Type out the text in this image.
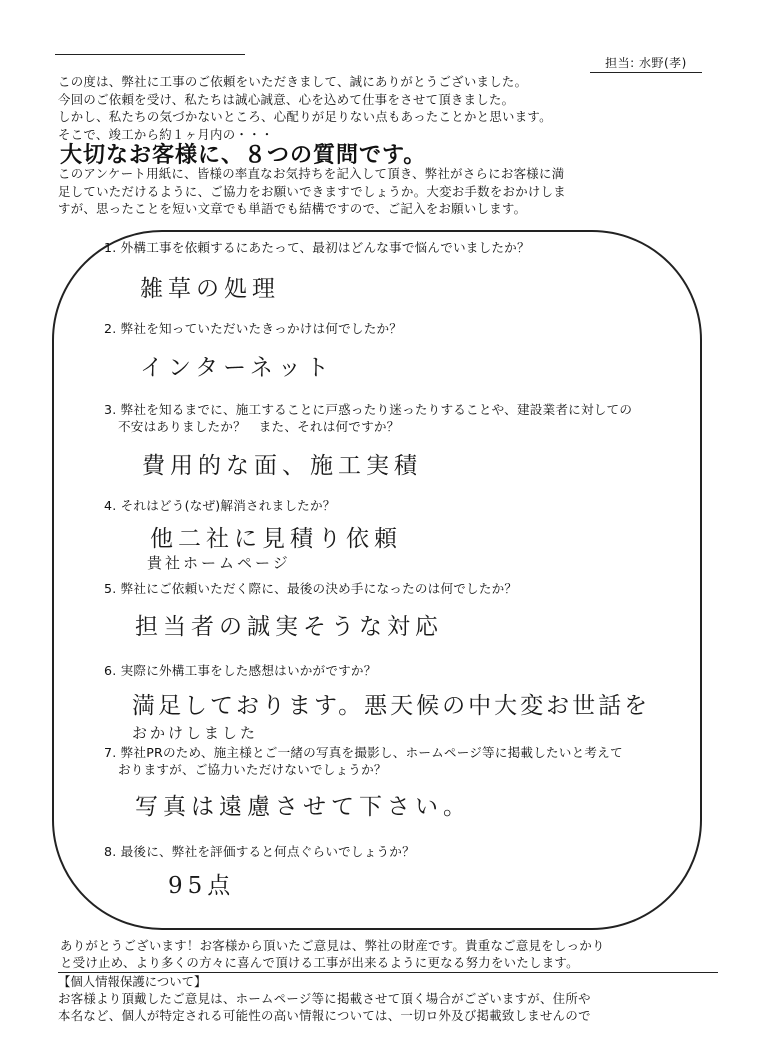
担当: 水野(孝)
この度は、弊社に工事のご依頼をいただきまして、誠にありがとうございました。
今回のご依頼を受け、私たちは誠心誠意、心を込めて仕事をさせて頂きました。
しかし、私たちの気づかないところ、心配りが足りない点もあったことかと思います。
そこで、竣工から約１ヶ月内の・・・
大切なお客様に、８つの質問です。
このアンケート用紙に、皆様の率直なお気持ちを記入して頂き、弊社がさらにお客様に満
足していただけるように、ご協力をお願いできますでしょうか。大変お手数をおかけしま
すが、思ったことを短い文章でも単語でも結構ですので、ご記入をお願いします。
1. 外構工事を依頼するにあたって、最初はどんな事で悩んでいましたか？
雑草の処理
2. 弊社を知っていただいたきっかけは何でしたか？
インターネット
3. 弊社を知るまでに、施工することに戸惑ったり迷ったりすることや、建設業者に対しての
不安はありましたか？　また、それは何ですか？
費用的な面、施工実積
4. それはどう(なぜ)解消されましたか？
他二社に見積り依頼
貴社ホームページ
5. 弊社にご依頼いただく際に、最後の決め手になったのは何でしたか？
担当者の誠実そうな対応
6. 実際に外構工事をした感想はいかがですか？
満足しております。悪天候の中大変お世話を
おかけしました
7. 弊社PRのため、施主様とご一緒の写真を撮影し、ホームページ等に掲載したいと考えて
おりますが、ご協力いただけないでしょうか？
写真は遠慮させて下さい。
8. 最後に、弊社を評価すると何点ぐらいでしょうか？
95点
ありがとうございます！お客様から頂いたご意見は、弊社の財産です。貴重なご意見をしっかり
と受け止め、より多くの方々に喜んで頂ける工事が出来るように更なる努力をいたします。
【個人情報保護について】
お客様より頂戴したご意見は、ホームページ等に掲載させて頂く場合がございますが、住所や
本名など、個人が特定される可能性の高い情報については、一切ロ外及び掲載致しませんので
